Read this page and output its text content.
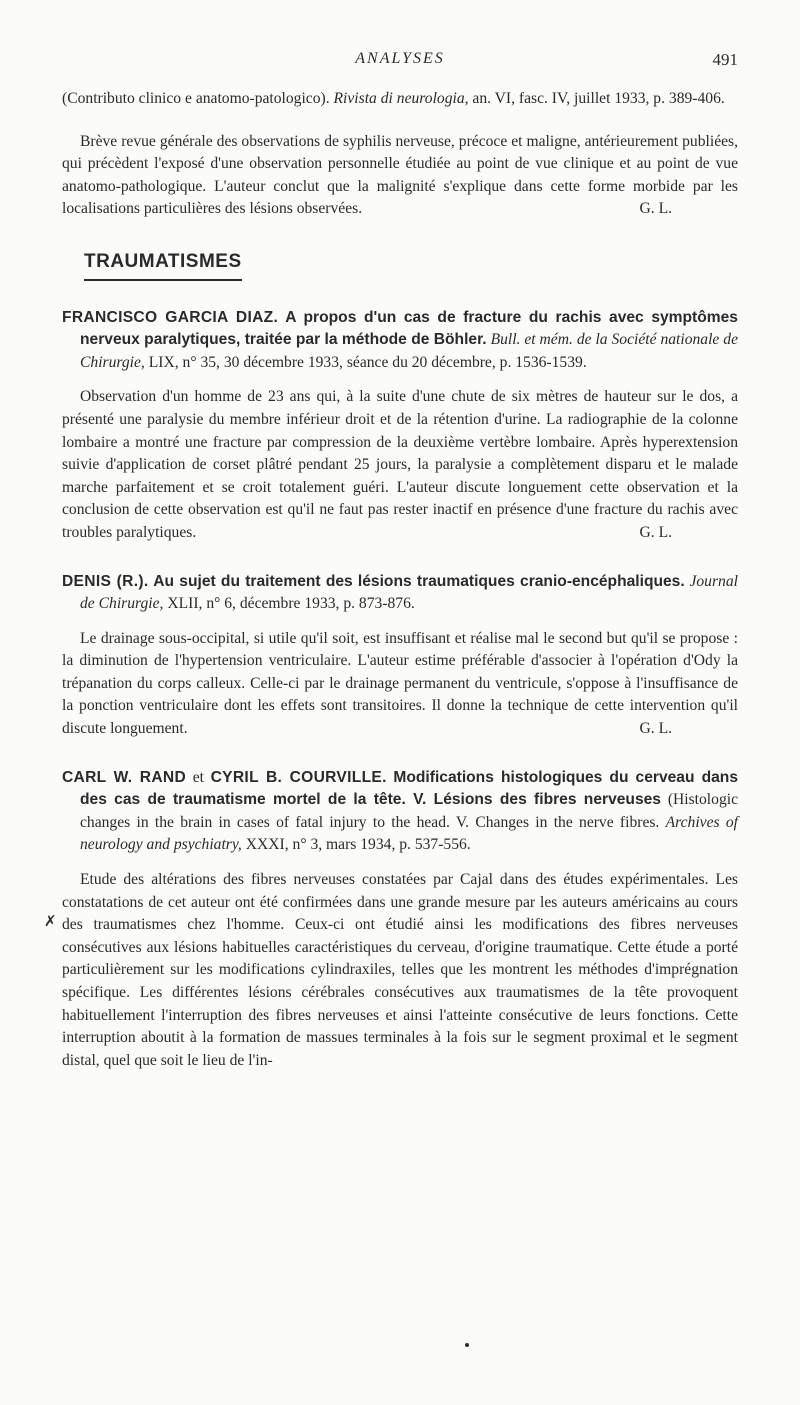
ANALYSES	491
✗

(Contributo clinico e anatomo-patologico). Rivista di neurologia, an. VI, fasc. IV, juillet 1933, p. 389-406.

Brève revue générale des observations de syphilis nerveuse, précoce et maligne, antérieurement publiées, qui précèdent l'exposé d'une observation personnelle étudiée au point de vue clinique et au point de vue anatomo-pathologique. L'auteur conclut que la malignité s'explique dans cette forme morbide par les localisations particulières des lésions observées.	G. L.

TRAUMATISMES

FRANCISCO GARCIA DIAZ. A propos d'un cas de fracture du rachis avec symptômes nerveux paralytiques, traitée par la méthode de Böhler. Bull. et mém. de la Société nationale de Chirurgie, LIX, n° 35, 30 décembre 1933, séance du 20 décembre, p. 1536-1539.

Observation d'un homme de 23 ans qui, à la suite d'une chute de six mètres de hauteur sur le dos, a présenté une paralysie du membre inférieur droit et de la rétention d'urine. La radiographie de la colonne lombaire a montré une fracture par compression de la deuxième vertèbre lombaire. Après hyperextension suivie d'application de corset plâtré pendant 25 jours, la paralysie a complètement disparu et le malade marche parfaitement et se croit totalement guéri. L'auteur discute longuement cette observation et la conclusion de cette observation est qu'il ne faut pas rester inactif en présence d'une fracture du rachis avec troubles paralytiques.	G. L.

DENIS (R.). Au sujet du traitement des lésions traumatiques cranio-encéphaliques. Journal de Chirurgie, XLII, n° 6, décembre 1933, p. 873-876.

Le drainage sous-occipital, si utile qu'il soit, est insuffisant et réalise mal le second but qu'il se propose : la diminution de l'hypertension ventriculaire. L'auteur estime préférable d'associer à l'opération d'Ody la trépanation du corps calleux. Celle-ci par le drainage permanent du ventricule, s'oppose à l'insuffisance de la ponction ventriculaire dont les effets sont transitoires. Il donne la technique de cette intervention qu'il discute longuement.	G. L.

CARL W. RAND et CYRIL B. COURVILLE. Modifications histologiques du cerveau dans des cas de traumatisme mortel de la tête. V. Lésions des fibres nerveuses (Histologic changes in the brain in cases of fatal injury to the head. V. Changes in the nerve fibres. Archives of neurology and psychiatry, XXXI, n° 3, mars 1934, p. 537-556.

Etude des altérations des fibres nerveuses constatées par Cajal dans des études expérimentales. Les constatations de cet auteur ont été confirmées dans une grande mesure par les auteurs américains au cours des traumatismes chez l'homme. Ceux-ci ont étudié ainsi les modifications des fibres nerveuses consécutives aux lésions habituelles caractéristiques du cerveau, d'origine traumatique. Cette étude a porté particulièrement sur les modifications cylindraxiles, telles que les montrent les méthodes d'imprégnation spécifique. Les différentes lésions cérébrales consécutives aux traumatismes de la tête provoquent habituellement l'interruption des fibres nerveuses et ainsi l'atteinte consécutive de leurs fonctions. Cette interruption aboutit à la formation de massues terminales à la fois sur le segment proximal et le segment distal, quel que soit le lieu de l'in-
